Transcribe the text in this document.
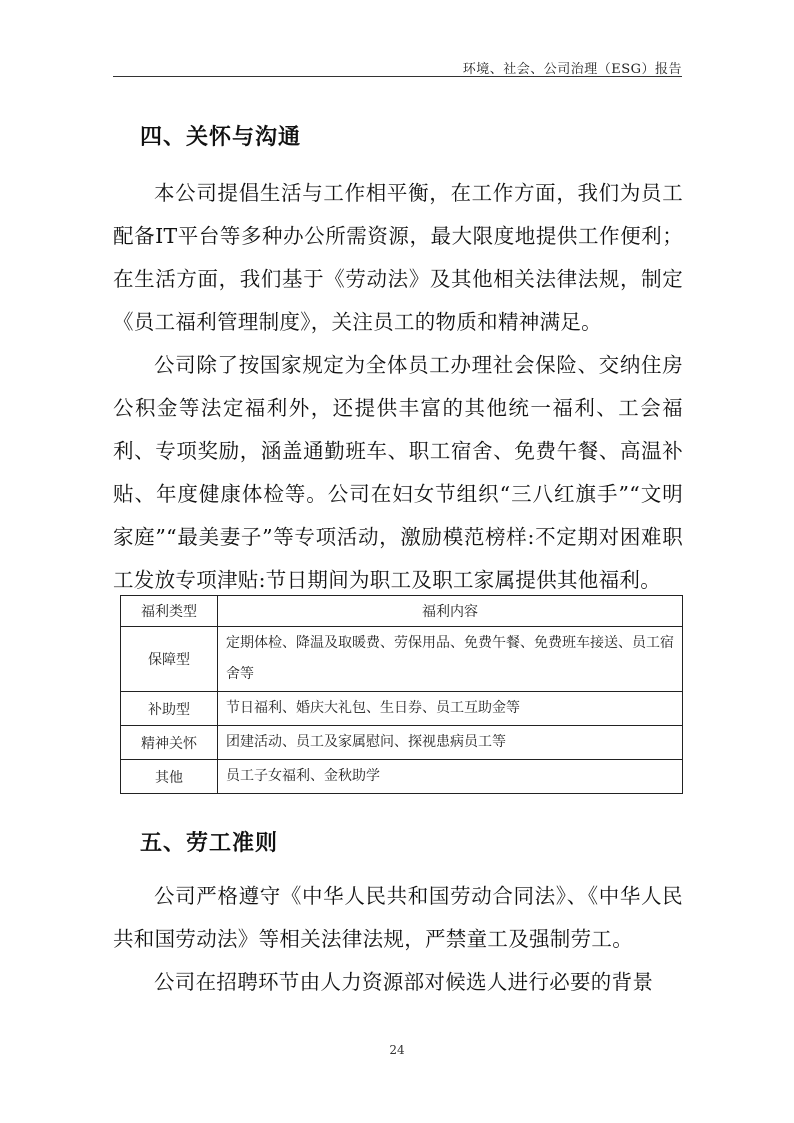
环境、社会、公司治理（ESG）报告
四、关怀与沟通

本公司提倡生活与工作相平衡，在工作方面，我们为员工配备IT平台等多种办公所需资源，最大限度地提供工作便利；在生活方面，我们基于《劳动法》及其他相关法律法规，制定《员工福利管理制度》，关注员工的物质和精神满足。

公司除了按国家规定为全体员工办理社会保险、交纳住房公积金等法定福利外，还提供丰富的其他统一福利、工会福利、专项奖励，涵盖通勤班车、职工宿舍、免费午餐、高温补贴、年度健康体检等。公司在妇女节组织“三八红旗手”“文明家庭”“最美妻子”等专项活动，激励模范榜样:不定期对困难职工发放专项津贴:节日期间为职工及职工家属提供其他福利。

福利类型	福利内容
保障型	定期体检、降温及取暖费、劳保用品、免费午餐、免费班车接送、员工宿舍等
补助型	节日福利、婚庆大礼包、生日券、员工互助金等
精神关怀	团建活动、员工及家属慰问、探视患病员工等
其他	员工子女福利、金秋助学
五、劳工准则

公司严格遵守《中华人民共和国劳动合同法》、《中华人民共和国劳动法》等相关法律法规，严禁童工及强制劳工。

公司在招聘环节由人力资源部对候选人进行必要的背景

24
